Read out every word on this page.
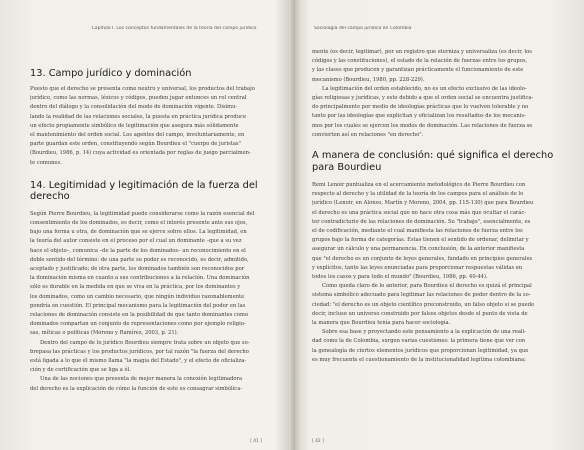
Capítulo I. Los conceptos fundamentales de la teoría del campo jurídico
13. Campo jurídico y dominación

Puesto que el derecho se presenta como neutro y universal, los productos del trabajo

jurídico, como las normas, léxicos y códigos, pueden jugar entonces un rol central

dentro del diálogo y la consolidación del modo de dominación vigente. Disimu-

lando la realidad de las relaciones sociales, la puesta en práctica jurídica produce

un efecto propiamente simbólico de legitimación que asegura más sólidamente

el mantenimiento del orden social. Los agentes del campo, involuntariamente, en

parte guardan este orden, constituyendo según Bourdieu el "cuerpo de juristas"

(Bourdieu, 1986, p. 14) cuya actividad es orientada por reglas de juego parcialmen-

te comunes.

14. Legitimidad y legitimación de la fuerza del derecho

Según Pierre Bourdieu, la legitimidad puede considerarse como la razón esencial del

consentimiento de los dominados, es decir, como el interés presente ante sus ojos,

bajo una forma u otra, de dominación que se ejerce sobre ellos. La legitimidad, en

la teoría del autor consiste en el proceso por el cual un dominante –que a su vez

hace el objeto–, comunica –de la parte de los dominados– un reconocimiento en el

doble sentido del término: de una parte su poder es reconocido, es decir, admitido,

aceptado y justificado; de otra parte, los dominados también son reconocidos por

la dominación misma en cuanto a sus contribuciones a la relación. Una dominación

sólo es durable en la medida en que se viva en la práctica, por los dominantes y

los dominados, como un cambio necesario, que ningún individuo razonablemente

pondría en cuestión. El principal mecanismo para la legitimación del poder en las

relaciones de dominación consiste en la posibilidad de que tanto dominantes como

dominados compartan un conjunto de representaciones como por ejemplo religio-

sas, míticas o políticas (Moreno y Ramírez, 2003, p. 21).

Dentro del campo de lo jurídico Bourdieu siempre trata sobre un objeto que so-

brepasa las prácticas y los productos jurídicos, por tal razón "la fuerza del derecho

está ligada a lo que él mismo llama "la magia del Estado", y el efecto de oficializa-

ción y de certificación que se liga a él.

Una de las nociones que presenta de mejor manera la conexión legitimadora

del derecho es la explicación de cómo la función de este es consagrar simbólica-

[ 41 ]
Sociología del campo jurídico en Colombia

mente (es decir, legitimar), por un registro que eterniza y universaliza (es decir, los

códigos y las constituciones), el estado de la relación de fuerzas entre los grupos,

y las clases que producen y garantizan prácticamente el funcionamiento de este

mecanismo (Bourdieu, 1980, pp. 228-229).

La legitimación del orden establecido, no es un efecto exclusivo de las ideolo-

gías religiosas y jurídicas, y esto debido a que el orden social se encuentra justifica-

do principalmente por medio de ideologías prácticas que lo vuelven tolerable y no

tanto por las ideologías que explicitan y oficializan los resultados de los mecanis-

mos por los cuales se ejercen los modos de dominación. Las relaciones de fuerza se

convierten así en relaciones "en derecho".

A manera de conclusión: qué significa el derecho para Bourdieu

Remi Lenoir puntualiza en el acercamiento metodológico de Pierre Bourdieu con

respecto al derecho y la utilidad de la teoría de los campos para el análisis de lo

jurídico (Lenoir, en Alonso, Martín y Moreno, 2004, pp. 115-130) que para Bourdieu

el derecho es una práctica social que no hace otra cosa más que ocultar el carác-

ter contradictorio de las relaciones de dominación. Su "trabajo", esencialmente, es

el de codificación, mediante el cual manifiesta las relaciones de fuerza entre los

grupos bajo la forma de categorías. Estas tienen el sentido de ordenar, delimitar y

asegurar un cálculo y una permanencia. En conclusión, de la anterior manifiesta

que "el derecho es un conjunto de leyes generales, fundado en principios generales

y explícitos, tanto las leyes enunciadas para proporcionar respuestas válidas en

todos los casos y para todo el mundo" (Bourdieu, 1986, pp. 40-44).

Como queda claro de lo anterior, para Bourdieu el derecho es quizá el principal

sistema simbólico adecuado para legitimar las relaciones de poder dentro de la so-

ciedad: "el derecho es un objeto científico preconstruido, un falso objeto si se puede

decir, incluso un universo construido por falsos objetos desde el punto de vista de

la manera que Bourdieu tenía para hacer sociología.

Sobre esa base y proyectando este pensamiento a la explicación de una reali-

dad como la de Colombia, surgen varias cuestiones: la primera tiene que ver con

la genealogía de ciertos elementos jurídicos que proporcionan legitimidad, ya que

es muy frecuente el cuestionamiento de la institucionalidad legítima colombiana;

[ 42 ]
